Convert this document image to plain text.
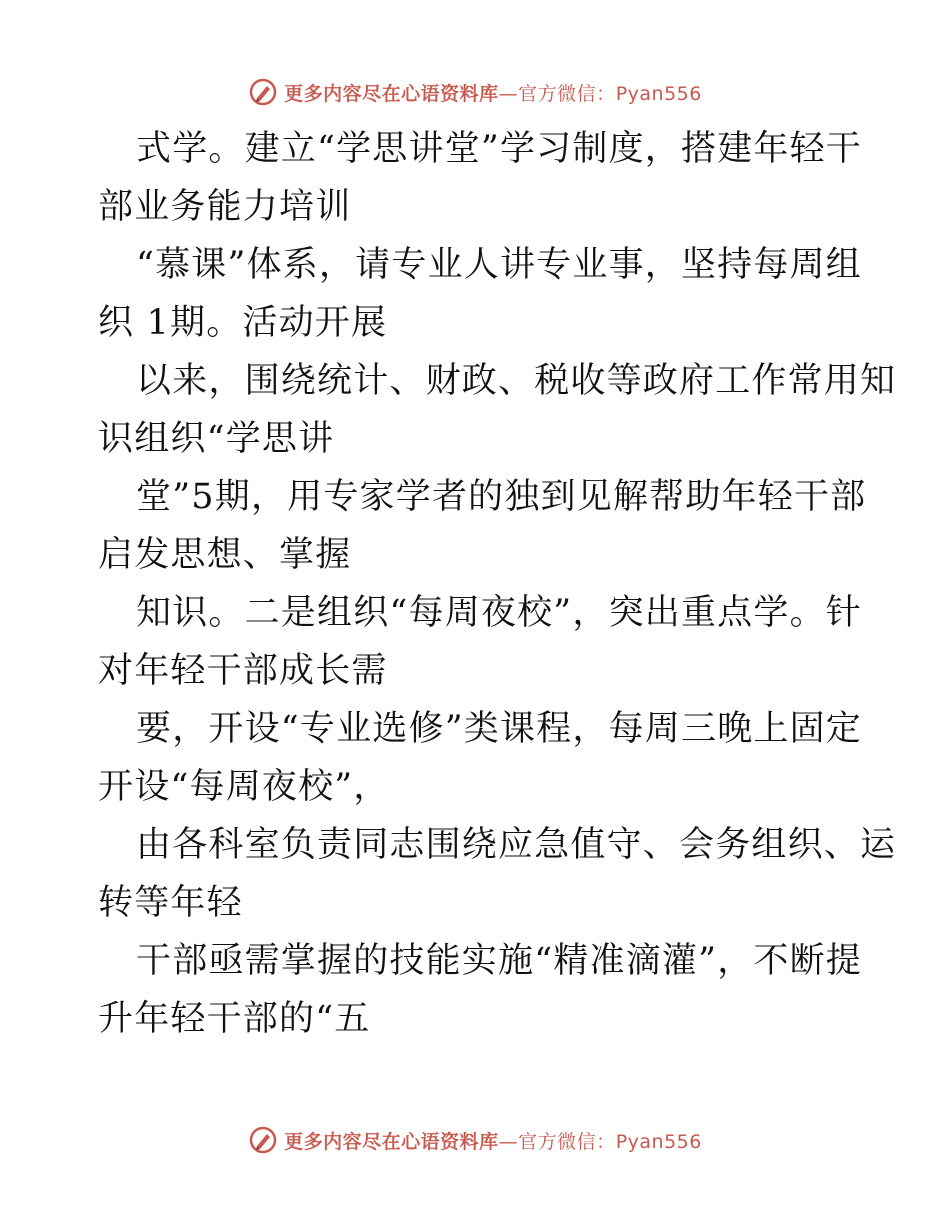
更多内容尽在心语资料库—官方微信：Pyan556

式学。建立“学思讲堂”学习制度，搭建年轻干
部业务能力培训

“慕课”体系，请专业人讲专业事，坚持每周组
织 1期。活动开展

以来，围绕统计、财政、税收等政府工作常用知
识组织“学思讲

堂”5期，用专家学者的独到见解帮助年轻干部
启发思想、掌握

知识。二是组织“每周夜校”，突出重点学。针
对年轻干部成长需

要，开设“专业选修”类课程，每周三晚上固定
开设“每周夜校”，

由各科室负责同志围绕应急值守、会务组织、运
转等年轻

干部亟需掌握的技能实施“精准滴灌”，不断提
升年轻干部的“五

更多内容尽在心语资料库—官方微信：Pyan556
